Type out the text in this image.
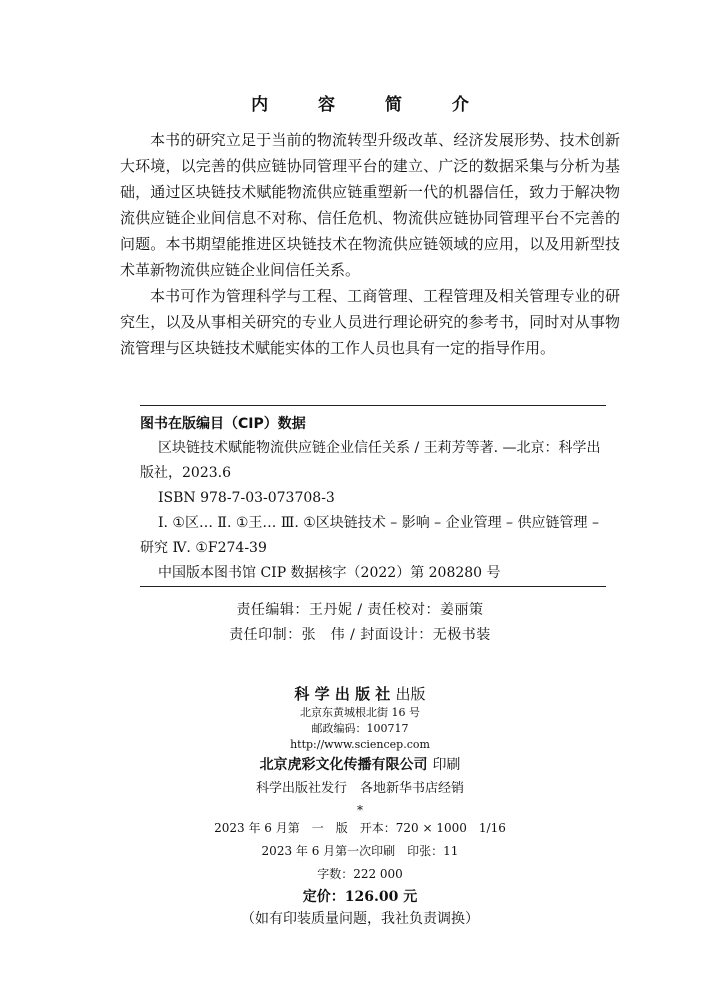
内 容 简 介

本书的研究立足于当前的物流转型升级改革、经济发展形势、技术创新大环境，以完善的供应链协同管理平台的建立、广泛的数据采集与分析为基础，通过区块链技术赋能物流供应链重塑新一代的机器信任，致力于解决物流供应链企业间信息不对称、信任危机、物流供应链协同管理平台不完善的问题。本书期望能推进区块链技术在物流供应链领域的应用，以及用新型技术革新物流供应链企业间信任关系。

本书可作为管理科学与工程、工商管理、工程管理及相关管理专业的研究生，以及从事相关研究的专业人员进行理论研究的参考书，同时对从事物流管理与区块链技术赋能实体的工作人员也具有一定的指导作用。

图书在版编目（CIP）数据
区块链技术赋能物流供应链企业信任关系 / 王莉芳等著. —北京：科学出版社，2023.6
ISBN 978-7-03-073708-3
Ⅰ. ①区… Ⅱ. ①王… Ⅲ. ①区块链技术 – 影响 – 企业管理 – 供应链管理 – 研究 Ⅳ. ①F274-39
中国版本图书馆 CIP 数据核字（2022）第 208280 号
责任编辑：王丹妮 / 责任校对：姜丽策
责任印制：张　伟 / 封面设计：无极书装
科 学 出 版 社 出版
北京东黄城根北街 16 号
邮政编码：100717
http://www.sciencep.com
北京虎彩文化传播有限公司 印刷
科学出版社发行　各地新华书店经销
*
2023 年 6 月第　一　版　开本：720 × 1000　1/16
2023 年 6 月第一次印刷　印张：11
字数：222 000
定价：126.00 元
（如有印装质量问题，我社负责调换）
